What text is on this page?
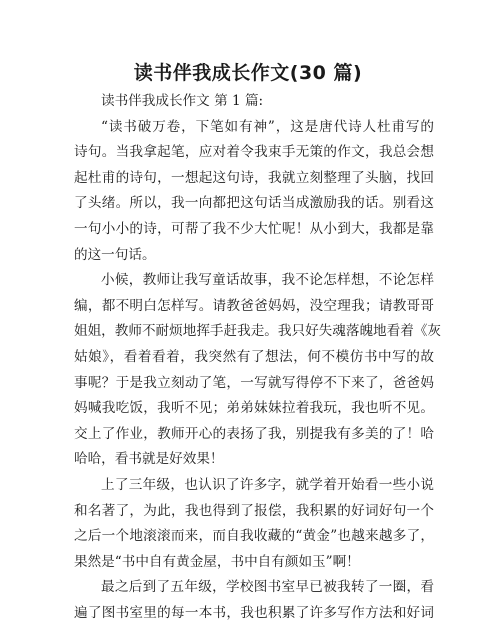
读书伴我成长作文(30 篇)
读书伴我成长作文 第 1 篇:
“读书破万卷，下笔如有神”，这是唐代诗人杜甫写的
诗句。当我拿起笔，应对着令我束手无策的作文，我总会想
起杜甫的诗句，一想起这句诗，我就立刻整理了头脑，找回
了头绪。所以，我一向都把这句话当成激励我的话。别看这
一句小小的诗，可帮了我不少大忙呢！从小到大，我都是靠
的这一句话。
小候，教师让我写童话故事，我不论怎样想，不论怎样
编，都不明白怎样写。请教爸爸妈妈，没空理我；请教哥哥
姐姐，教师不耐烦地挥手赶我走。我只好失魂落魄地看着《灰
姑娘》，看着看着，我突然有了想法，何不模仿书中写的故
事呢？于是我立刻动了笔，一写就写得停不下来了，爸爸妈
妈喊我吃饭，我听不见；弟弟妹妹拉着我玩，我也听不见。
交上了作业，教师开心的表扬了我，别提我有多美的了！哈
哈哈，看书就是好效果！
上了三年级，也认识了许多字，就学着开始看一些小说
和名著了，为此，我也得到了报偿，我积累的好词好句一个
之后一个地滚滚而来，而自我收藏的“黄金”也越来越多了，
果然是“书中自有黄金屋，书中自有颜如玉”啊！
最之后到了五年级，学校图书室早已被我转了一圈，看
遍了图书室里的每一本书，我也积累了许多写作方法和好词
